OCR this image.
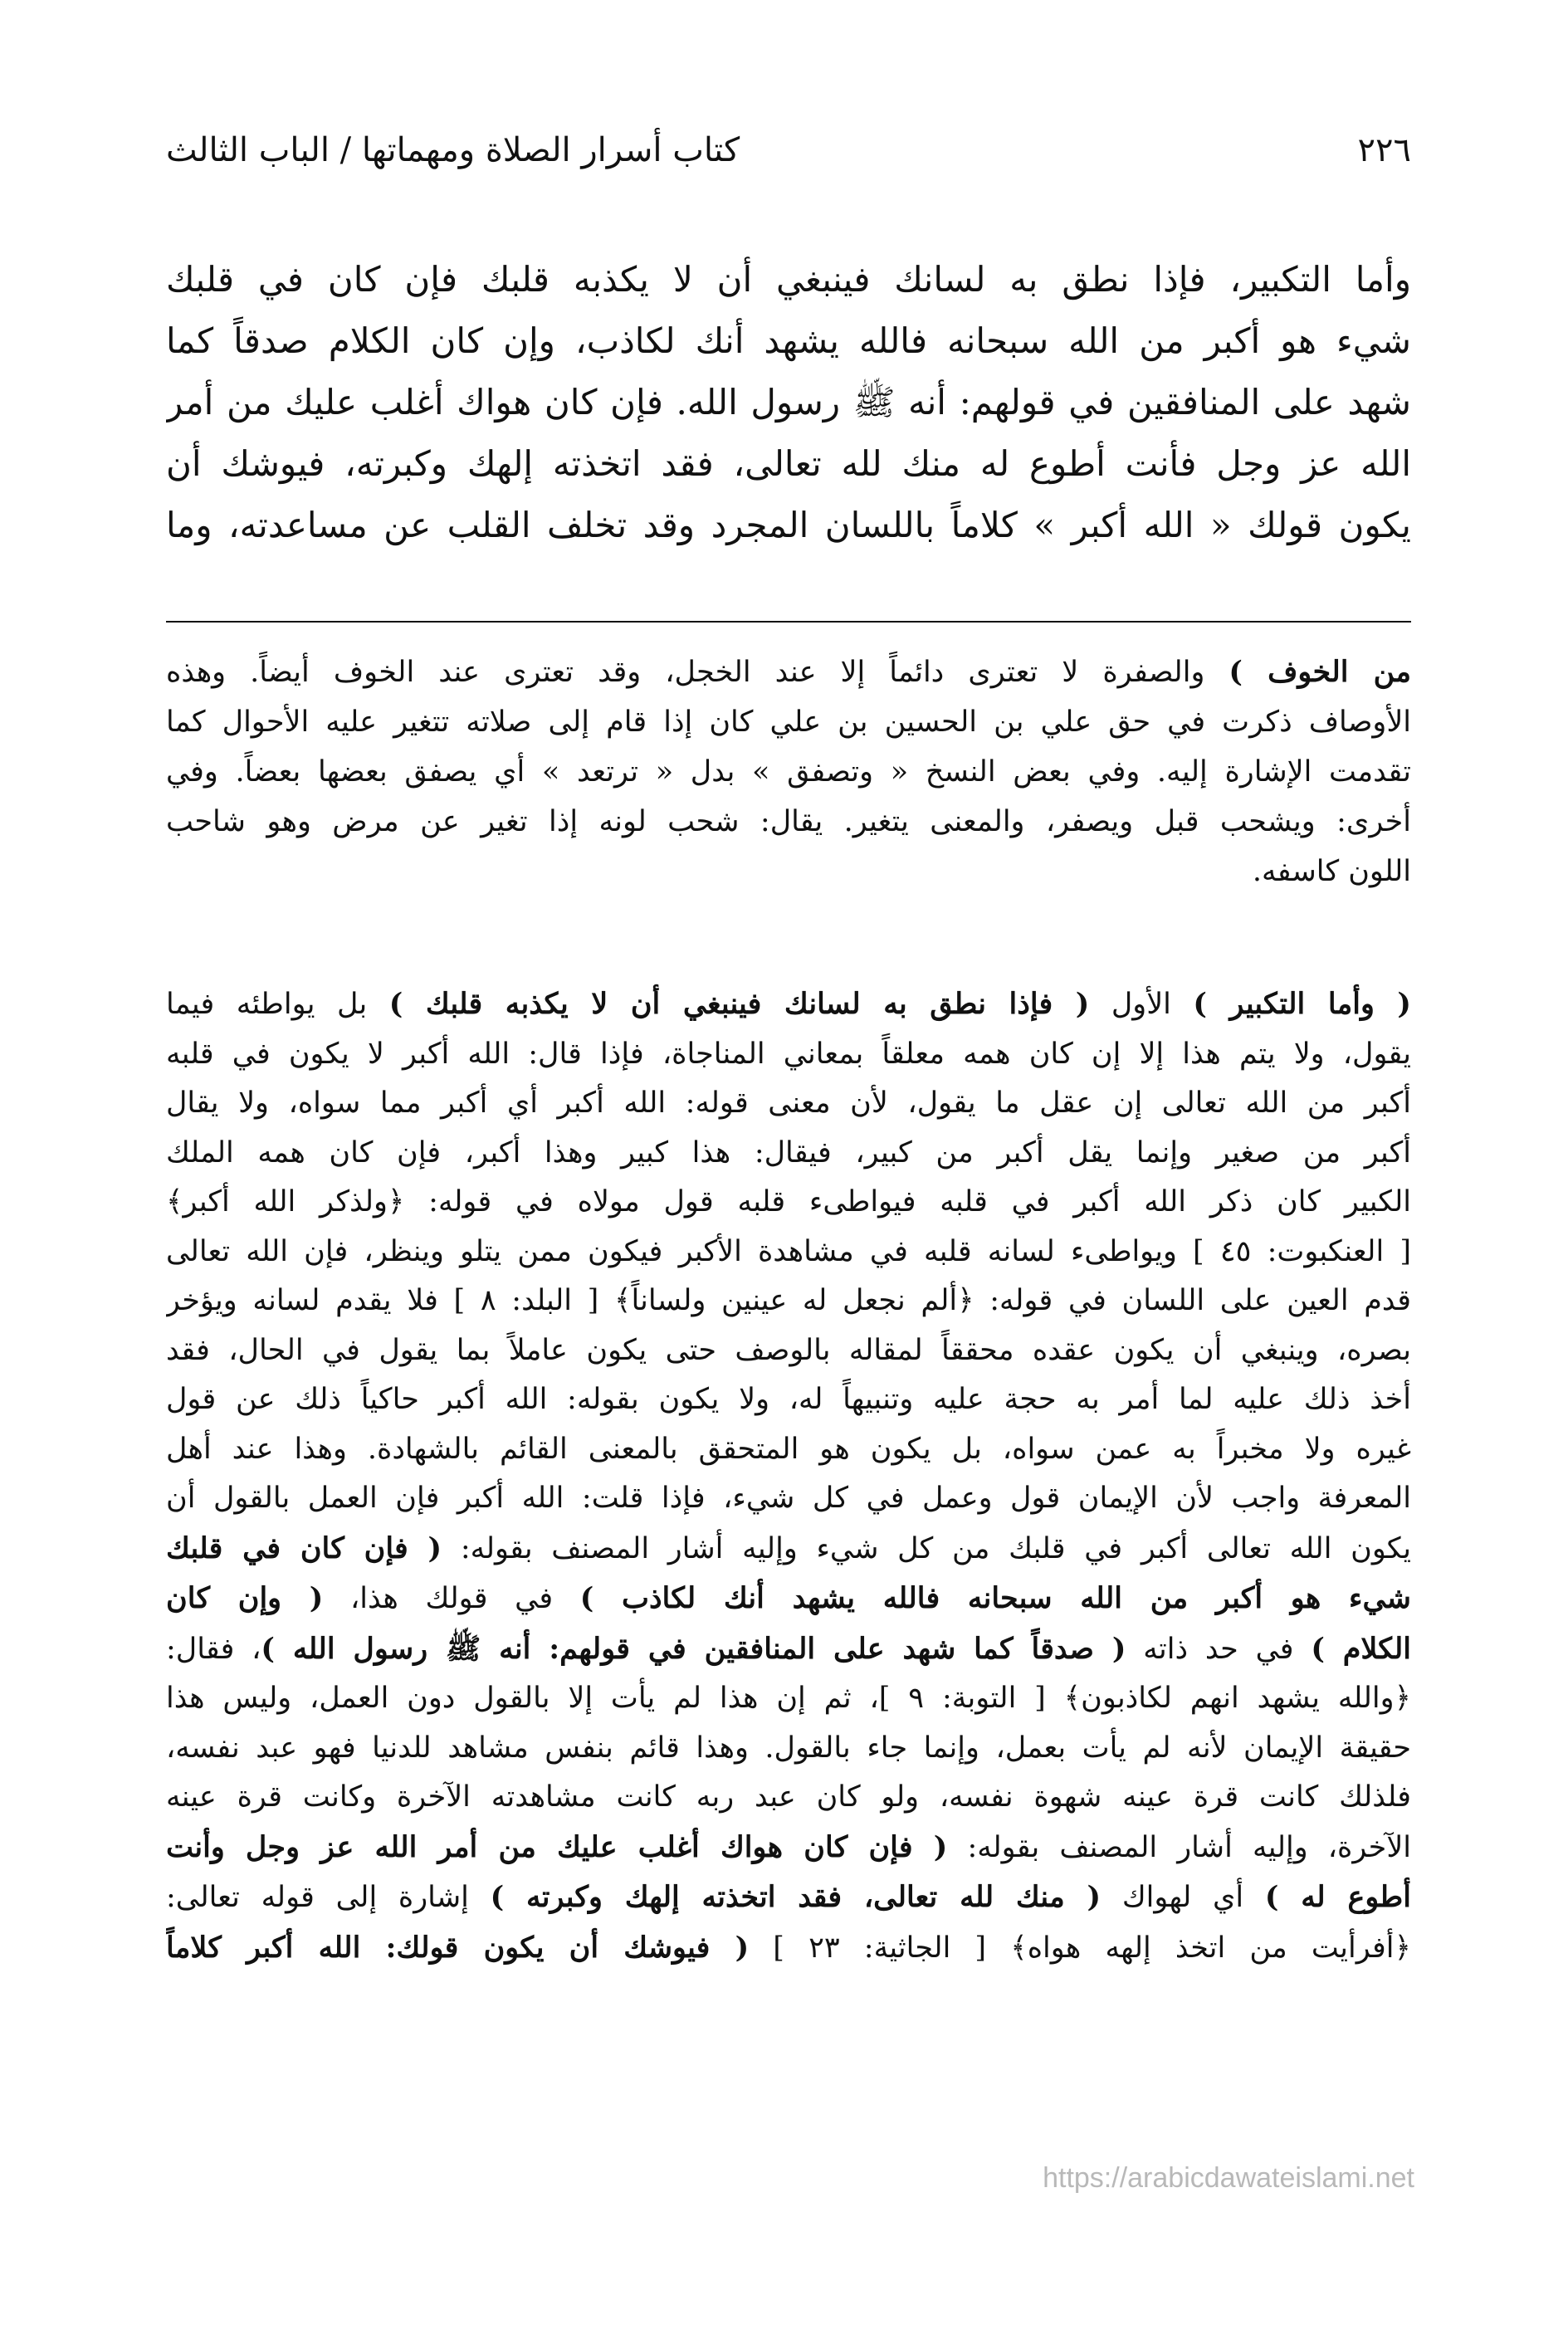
٢٢٦
كتاب أسرار الصلاة ومهماتها / الباب الثالث
وأما التكبير، فإذا نطق به لسانك فينبغي أن لا يكذبه قلبك فإن كان في قلبك
شيء هو أكبر من الله سبحانه فالله يشهد أنك لكاذب، وإن كان الكلام صدقاً كما
شهد على المنافقين في قولهم: أنه ﷺ رسول الله. فإن كان هواك أغلب عليك من أمر
الله عز وجل فأنت أطوع له منك لله تعالى، فقد اتخذته إلهك وكبرته، فيوشك أن
يكون قولك « الله أكبر » كلاماً باللسان المجرد وقد تخلف القلب عن مساعدته، وما
من الخوف ) والصفرة لا تعترى دائماً إلا عند الخجل، وقد تعترى عند الخوف أيضاً. وهذه
الأوصاف ذكرت في حق علي بن الحسين بن علي كان إذا قام إلى صلاته تتغير عليه الأحوال كما
تقدمت الإشارة إليه. وفي بعض النسخ « وتصفق » بدل « ترتعد » أي يصفق بعضها بعضاً. وفي
أخرى: ويشحب قبل ويصفر، والمعنى يتغير. يقال: شحب لونه إذا تغير عن مرض وهو شاحب
اللون كاسفه.
( وأما التكبير ) الأول ( فإذا نطق به لسانك فينبغي أن لا يكذبه قلبك ) بل يواطئه فيما
يقول، ولا يتم هذا إلا إن كان همه معلقاً بمعاني المناجاة، فإذا قال: الله أكبر لا يكون في قلبه
أكبر من الله تعالى إن عقل ما يقول، لأن معنى قوله: الله أكبر أي أكبر مما سواه، ولا يقال
أكبر من صغير وإنما يقل أكبر من كبير، فيقال: هذا كبير وهذا أكبر، فإن كان همه الملك
الكبير كان ذكر الله أكبر في قلبه فيواطىء قلبه قول مولاه في قوله: ﴿ولذكر الله أكبر﴾
[ العنكبوت: ٤٥ ] ويواطىء لسانه قلبه في مشاهدة الأكبر فيكون ممن يتلو وينظر، فإن الله تعالى
قدم العين على اللسان في قوله: ﴿ألم نجعل له عينين ولساناً﴾ [ البلد: ٨ ] فلا يقدم لسانه ويؤخر
بصره، وينبغي أن يكون عقده محققاً لمقاله بالوصف حتى يكون عاملاً بما يقول في الحال، فقد
أخذ ذلك عليه لما أمر به حجة عليه وتنبيهاً له، ولا يكون بقوله: الله أكبر حاكياً ذلك عن قول
غيره ولا مخبراً به عمن سواه، بل يكون هو المتحقق بالمعنى القائم بالشهادة. وهذا عند أهل
المعرفة واجب لأن الإيمان قول وعمل في كل شيء، فإذا قلت: الله أكبر فإن العمل بالقول أن
يكون الله تعالى أكبر في قلبك من كل شيء وإليه أشار المصنف بقوله: ( فإن كان في قلبك
شيء هو أكبر من الله سبحانه فالله يشهد أنك لكاذب ) في قولك هذا، ( وإن كان
الكلام ) في حد ذاته ( صدقاً كما شهد على المنافقين في قولهم: أنه ﷺ رسول الله )، فقال:
﴿والله يشهد انهم لكاذبون﴾ [ التوبة: ٩ ]، ثم إن هذا لم يأت إلا بالقول دون العمل، وليس هذا
حقيقة الإيمان لأنه لم يأت بعمل، وإنما جاء بالقول. وهذا قائم بنفس مشاهد للدنيا فهو عبد نفسه،
فلذلك كانت قرة عينه شهوة نفسه، ولو كان عبد ربه كانت مشاهدته الآخرة وكانت قرة عينه
الآخرة، وإليه أشار المصنف بقوله: ( فإن كان هواك أغلب عليك من أمر الله عز وجل وأنت
أطوع له ) أي لهواك ( منك لله تعالى، فقد اتخذته إلهك وكبرته ) إشارة إلى قوله تعالى:
﴿أفرأيت من اتخذ إلهه هواه﴾ [ الجاثية: ٢٣ ] ( فيوشك أن يكون قولك: الله أكبر كلاماً
https://arabicdawateislami.net
